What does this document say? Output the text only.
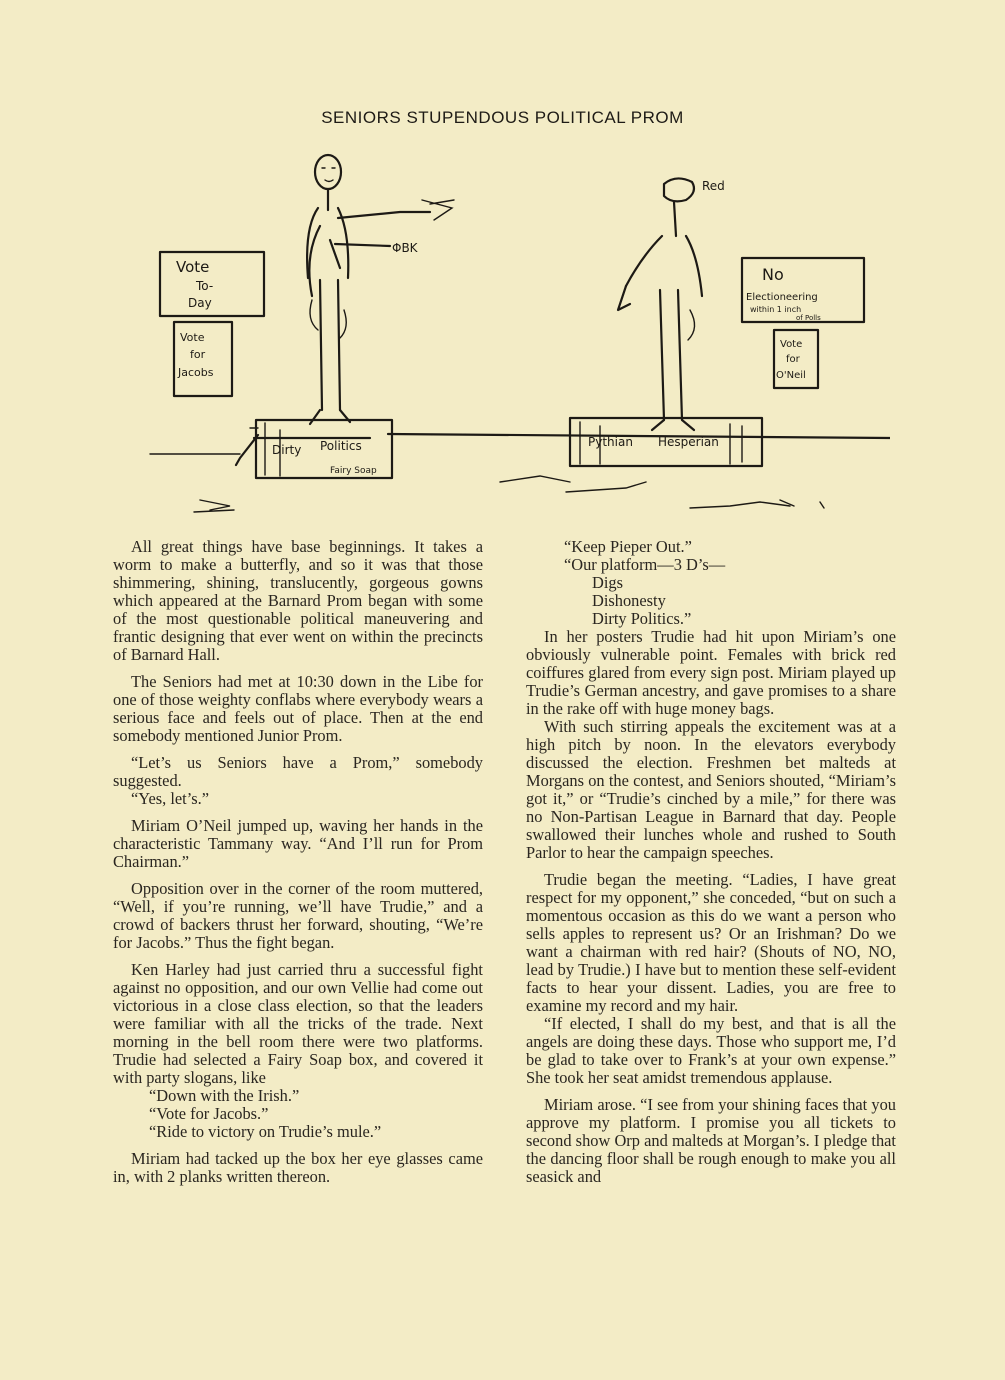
SENIORS STUPENDOUS POLITICAL PROM
Vote
To-
Day
Vote
for
Jacobs
ΦBK
Dirty Politics
Fairy Soap
Red
No
Electioneering
within 1 inch
of Polls
Vote
for
O'Neil
Pythian Hesperian

All great things have base beginnings. It takes a worm to make a butterfly, and so it was that those shimmering, shining, translucently, gorgeous gowns which appeared at the Barnard Prom began with some of the most questionable political maneuvering and frantic designing that ever went on within the precincts of Barnard Hall.

The Seniors had met at 10:30 down in the Libe for one of those weighty conflabs where everybody wears a serious face and feels out of place. Then at the end somebody mentioned Junior Prom.

“Let’s us Seniors have a Prom,” somebody suggested.

“Yes, let’s.”

Miriam O’Neil jumped up, waving her hands in the characteristic Tammany way. “And I’ll run for Prom Chairman.”

Opposition over in the corner of the room muttered, “Well, if you’re running, we’ll have Trudie,” and a crowd of backers thrust her forward, shouting, “We’re for Jacobs.” Thus the fight began.

Ken Harley had just carried thru a successful fight against no opposition, and our own Vellie had come out victorious in a close class election, so that the leaders were familiar with all the tricks of the trade. Next morning in the bell room there were two platforms. Trudie had selected a Fairy Soap box, and covered it with party slogans, like

“Down with the Irish.”
“Vote for Jacobs.”
“Ride to victory on Trudie’s mule.”

Miriam had tacked up the box her eye glasses came in, with 2 planks written thereon.

“Keep Pieper Out.”
“Our platform—3 D’s—
Digs
Dishonesty
Dirty Politics.”

In her posters Trudie had hit upon Miriam’s one obviously vulnerable point. Females with brick red coiffures glared from every sign post. Miriam played up Trudie’s German ancestry, and gave promises to a share in the rake off with huge money bags.

With such stirring appeals the excitement was at a high pitch by noon. In the elevators everybody discussed the election. Freshmen bet malteds at Morgans on the contest, and Seniors shouted, “Miriam’s got it,” or “Trudie’s cinched by a mile,” for there was no Non-Partisan League in Barnard that day. People swallowed their lunches whole and rushed to South Parlor to hear the campaign speeches.

Trudie began the meeting. “Ladies, I have great respect for my opponent,” she conceded, “but on such a momentous occasion as this do we want a person who sells apples to represent us? Or an Irishman? Do we want a chairman with red hair? (Shouts of NO, NO, lead by Trudie.) I have but to mention these self-evident facts to hear your dissent. Ladies, you are free to examine my record and my hair.

“If elected, I shall do my best, and that is all the angels are doing these days. Those who support me, I’d be glad to take over to Frank’s at your own expense.” She took her seat amidst tremendous applause.

Miriam arose. “I see from your shining faces that you approve my platform. I promise you all tickets to second show Orp and malteds at Morgan’s. I pledge that the dancing floor shall be rough enough to make you all seasick and
